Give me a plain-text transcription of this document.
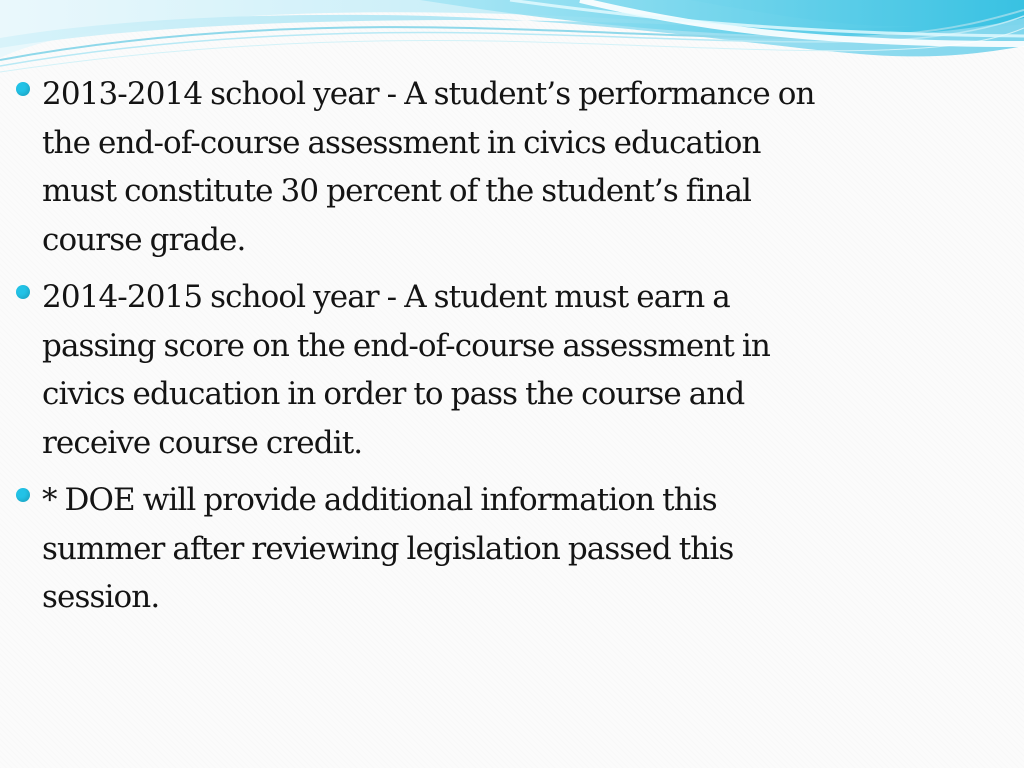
2013-2014 school year - A student’s performance on
the end-of-course assessment in civics education
must constitute 30 percent of the student’s final
course grade.
2014-2015 school year - A student must earn a
passing score on the end-of-course assessment in
civics education in order to pass the course and
receive course credit.
* DOE will provide additional information this
summer after reviewing legislation passed this
session.
